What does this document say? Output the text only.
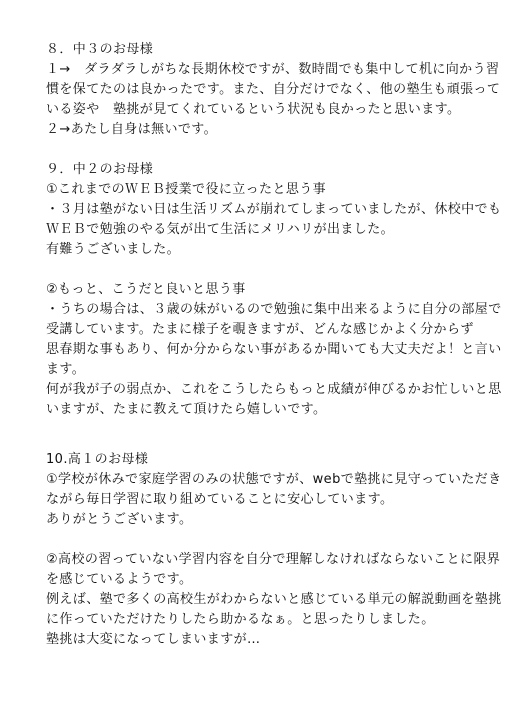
８．中３のお母様
１→　ダラダラしがちな長期休校ですが、数時間でも集中して机に向かう習
慣を保てたのは良かったです。また、自分だけでなく、他の塾生も頑張って
いる姿や　塾挑が見てくれているという状況も良かったと思います。
２→あたし自身は無いです。
９．中２のお母様
①これまでのＷＥＢ授業で役に立ったと思う事
・３月は塾がない日は生活リズムが崩れてしまっていましたが、休校中でも
ＷＥＢで勉強のやる気が出て生活にメリハリが出ました。
有難うございました。
②もっと、こうだと良いと思う事
・うちの場合は、３歳の妹がいるので勉強に集中出来るように自分の部屋で
受講しています。たまに様子を覗きますが、どんな感じかよく分からず
思春期な事もあり、何か分からない事があるか聞いても大丈夫だよ！と言い
ます。
何が我が子の弱点か、これをこうしたらもっと成績が伸びるかお忙しいと思
いますが、たまに教えて頂けたら嬉しいです。
10.高１のお母様
①学校が休みで家庭学習のみの状態ですが、webで塾挑に見守っていただき
ながら毎日学習に取り組めていることに安心しています。
ありがとうございます。
②高校の習っていない学習内容を自分で理解しなければならないことに限界
を感じているようです。
例えば、塾で多くの高校生がわからないと感じている単元の解説動画を塾挑
に作っていただけたりしたら助かるなぁ。と思ったりしました。
塾挑は大変になってしまいますが…
